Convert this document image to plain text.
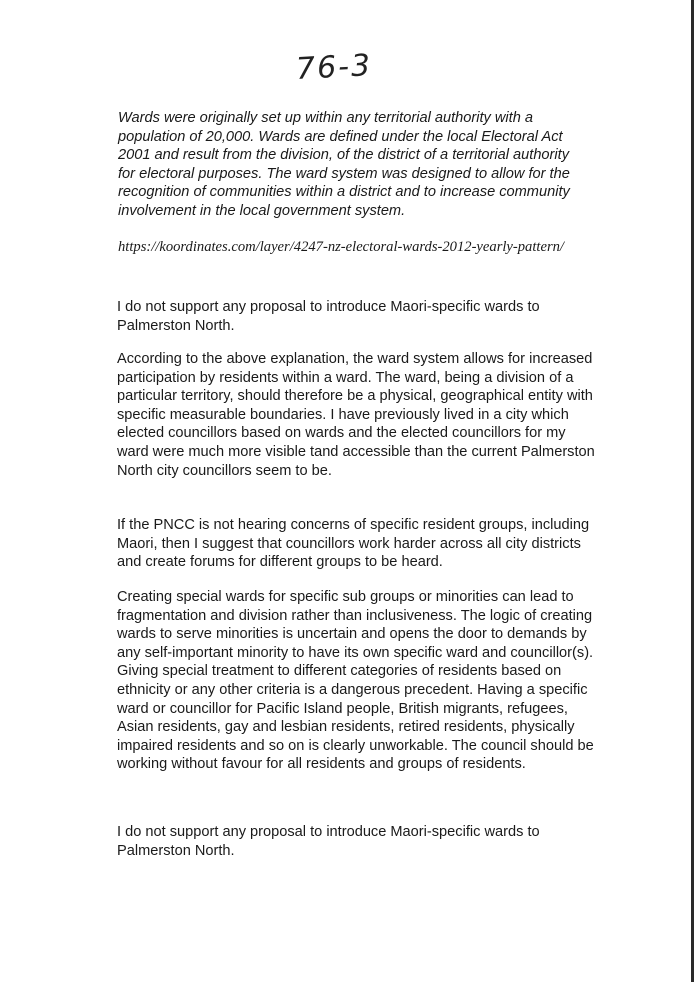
76-3

Wards were originally set up within any territorial authority with a population of 20,000. Wards are defined under the local Electoral Act 2001 and result from the division, of the district of a territorial authority for electoral purposes. The ward system was designed to allow for the recognition of communities within a district and to increase community involvement in the local government system.

https://koordinates.com/layer/4247-nz-electoral-wards-2012-yearly-pattern/

I do not support any proposal to introduce Maori-specific wards to Palmerston North.

According to the above explanation, the ward system allows for increased participation by residents within a ward. The ward, being a division of a particular territory, should therefore be a physical, geographical entity with specific measurable boundaries. I have previously lived in a city which elected councillors based on wards and the elected councillors for my ward were much more visible tand accessible than the current Palmerston North city councillors seem to be.

If the PNCC is not hearing concerns of specific resident groups, including Maori, then I suggest that councillors work harder across all city districts and create forums for different groups to be heard.

Creating special wards for specific sub groups or minorities can lead to fragmentation and division rather than inclusiveness. The logic of creating wards to serve minorities is uncertain and opens the door to demands by any self-important minority to have its own specific ward and councillor(s). Giving special treatment to different categories of residents based on ethnicity or any other criteria is a dangerous precedent. Having a specific ward or councillor for Pacific Island people, British migrants, refugees, Asian residents, gay and lesbian residents, retired residents, physically impaired residents and so on is clearly unworkable. The council should be working without favour for all residents and groups of residents.

I do not support any proposal to introduce Maori-specific wards to Palmerston North.
